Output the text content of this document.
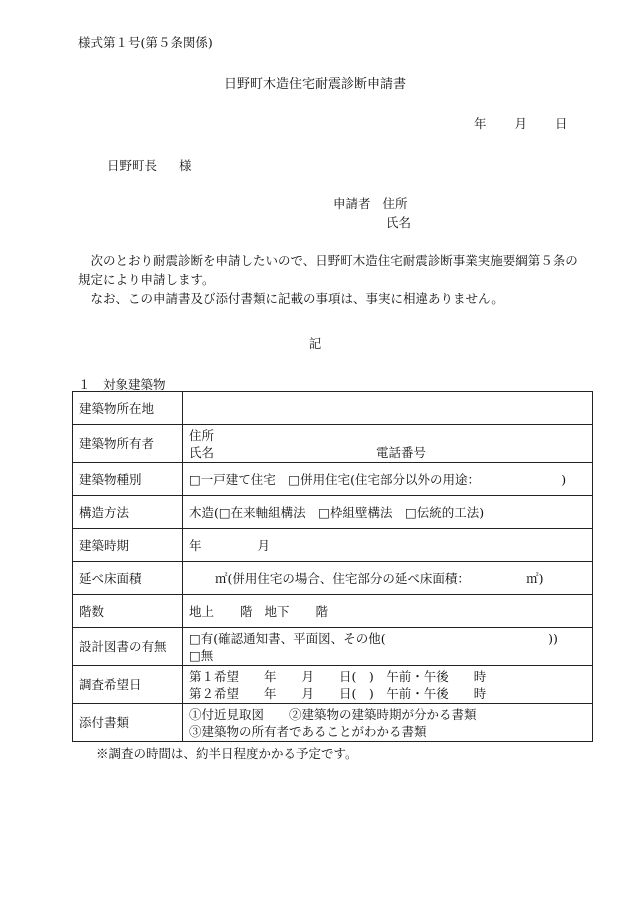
様式第１号(第５条関係)
日野町木造住宅耐震診断申請書
年 月 日
日野町長 様
申請者 住所
氏名

次のとおり耐震診断を申請したいので、日野町木造住宅耐震診断事業実施要綱第５条の規定により申請します。

なお、この申請書及び添付書類に記載の事項は、事実に相違ありません。

記
１　対象建築物
建築物所在地	
建築物所有者	住所
氏名 電話番号

建築物種別	□一戸建て住宅　□併用住宅(住宅部分以外の用途：　　　　　　　)
構造方法	木造(□在来軸組構法　□枠組壁構法　□伝統的工法)
建築時期	年 月
延べ床面積	㎡(併用住宅の場合、住宅部分の延べ床面積：　　　　　㎡)
階数	地上 階 地下 階
設計図書の有無	□有(確認通知書、平面図、その他(　　　　　　　　　　　　　))
□無

調査希望日	第１希望　　年　　月　　日(　)　午前・午後　　時
第２希望　　年　　月　　日(　)　午前・午後　　時

添付書類	①付近見取図　　②建築物の建築時期が分かる書類
③建築物の所有者であることがわかる書類
※調査の時間は、約半日程度かかる予定です。
